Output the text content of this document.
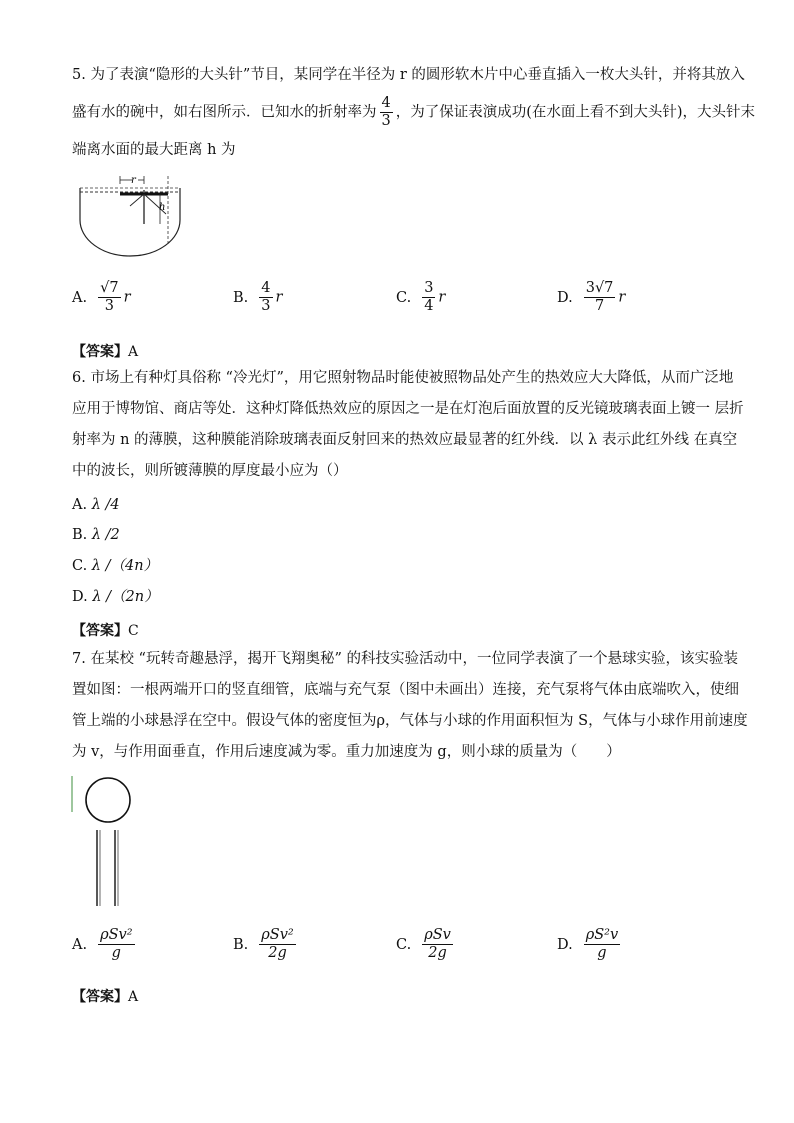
5. 为了表演“隐形的大头针”节目，某同学在半径为 r 的圆形软木片中心垂直插入一枚大头针，并将其放入
盛有水的碗中，如右图所示．已知水的折射率为 $\frac{4}{3}$ ，为了保证表演成功(在水面上看不到大头针)，大头针末
端离水面的最大距离 h 为
r
h
A. $\frac{√7}{3}$ r	B. $\frac{4}{3}$ r	C. $\frac{3}{4}$ r	D. $\frac{3√7}{7}$ r
【答案】A
6. 市场上有种灯具俗称 “冷光灯”，用它照射物品时能使被照物品处产生的热效应大大降低，从而广泛地
应用于博物馆、商店等处．这种灯降低热效应的原因之一是在灯泡后面放置的反光镜玻璃表面上镀一 层折
射率为 n 的薄膜，这种膜能消除玻璃表面反射回来的热效应最显著的红外线．以 λ 表示此红外线 在真空
中的波长，则所镀薄膜的厚度最小应为（）
A. λ /4
B. λ /2
C. λ /（4n）
D. λ /（2n）
【答案】C
7. 在某校 “玩转奇趣悬浮，揭开飞翔奥秘” 的科技实验活动中，一位同学表演了一个悬球实验，该实验装
置如图：一根两端开口的竖直细管，底端与充气泵（图中未画出）连接，充气泵将气体由底端吹入，使细
管上端的小球悬浮在空中。假设气体的密度恒为ρ，气体与小球的作用面积恒为 S，气体与小球作用前速度
为 v，与作用面垂直，作用后速度减为零。重力加速度为 g，则小球的质量为（　　）
A. $\frac{\text{ρSv²}}{g}$	B. $\frac{\text{ρSv²}}{2g}$	C. $\frac{\text{ρSv}}{2g}$	D. $\frac{\text{ρS²v}}{g}$
【答案】A
